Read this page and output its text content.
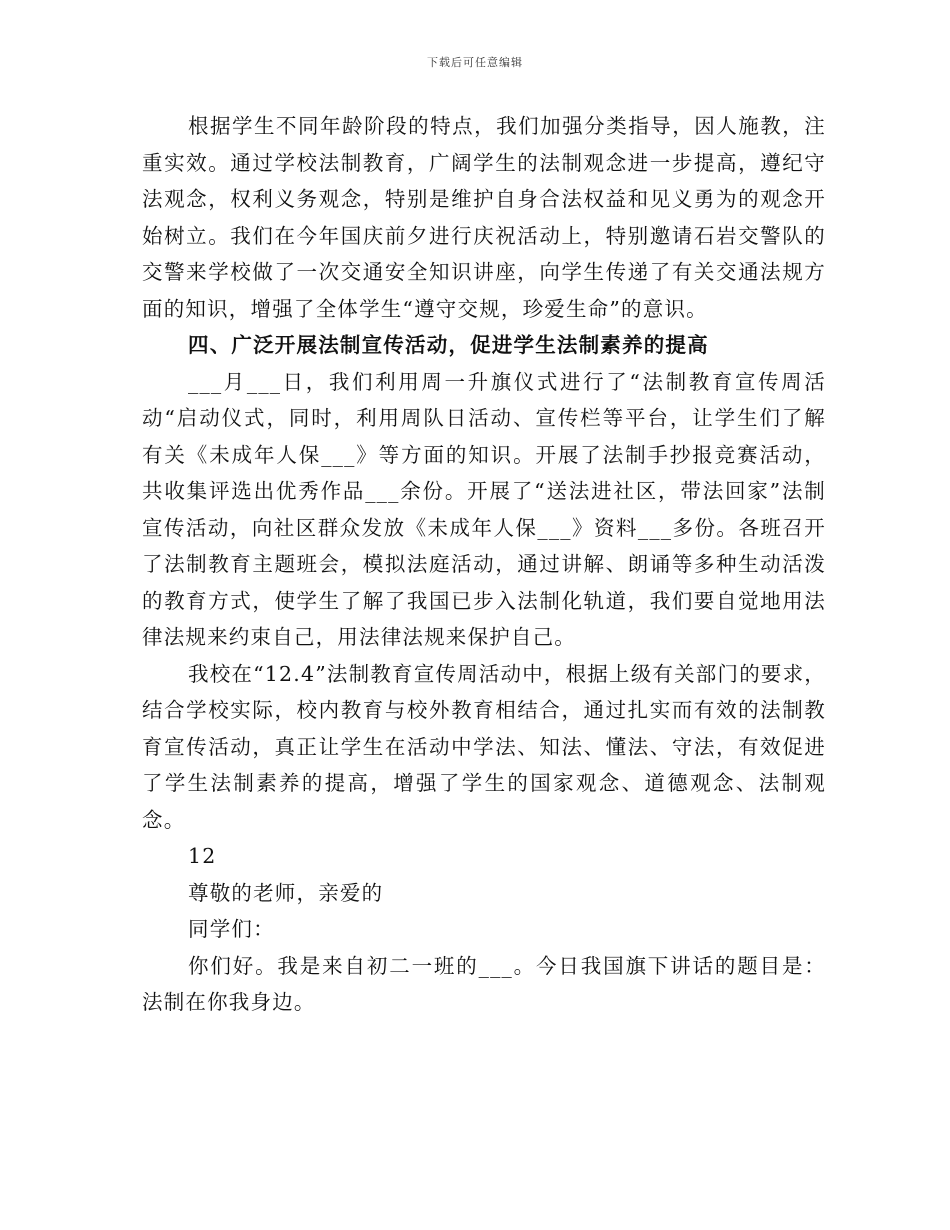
下载后可任意编辑

根据学生不同年龄阶段的特点，我们加强分类指导，因人施教，注重实效。通过学校法制教育，广阔学生的法制观念进一步提高，遵纪守法观念，权利义务观念，特别是维护自身合法权益和见义勇为的观念开始树立。我们在今年国庆前夕进行庆祝活动上，特别邀请石岩交警队的交警来学校做了一次交通安全知识讲座，向学生传递了有关交通法规方面的知识，增强了全体学生“遵守交规，珍爱生命”的意识。

四、广泛开展法制宣传活动，促进学生法制素养的提高

___月___日，我们利用周一升旗仪式进行了“法制教育宣传周活动“启动仪式，同时，利用周队日活动、宣传栏等平台，让学生们了解有关《未成年人保___》等方面的知识。开展了法制手抄报竞赛活动，共收集评选出优秀作品___余份。开展了“送法进社区，带法回家”法制宣传活动，向社区群众发放《未成年人保___》资料___多份。各班召开了法制教育主题班会，模拟法庭活动，通过讲解、朗诵等多种生动活泼的教育方式，使学生了解了我国已步入法制化轨道，我们要自觉地用法律法规来约束自己，用法律法规来保护自己。

我校在“12.4”法制教育宣传周活动中，根据上级有关部门的要求，结合学校实际，校内教育与校外教育相结合，通过扎实而有效的法制教育宣传活动，真正让学生在活动中学法、知法、懂法、守法，有效促进了学生法制素养的提高，增强了学生的国家观念、道德观念、法制观念。

12

尊敬的老师，亲爱的

同学们：

你们好。我是来自初二一班的___。今日我国旗下讲话的题目是：法制在你我身边。
